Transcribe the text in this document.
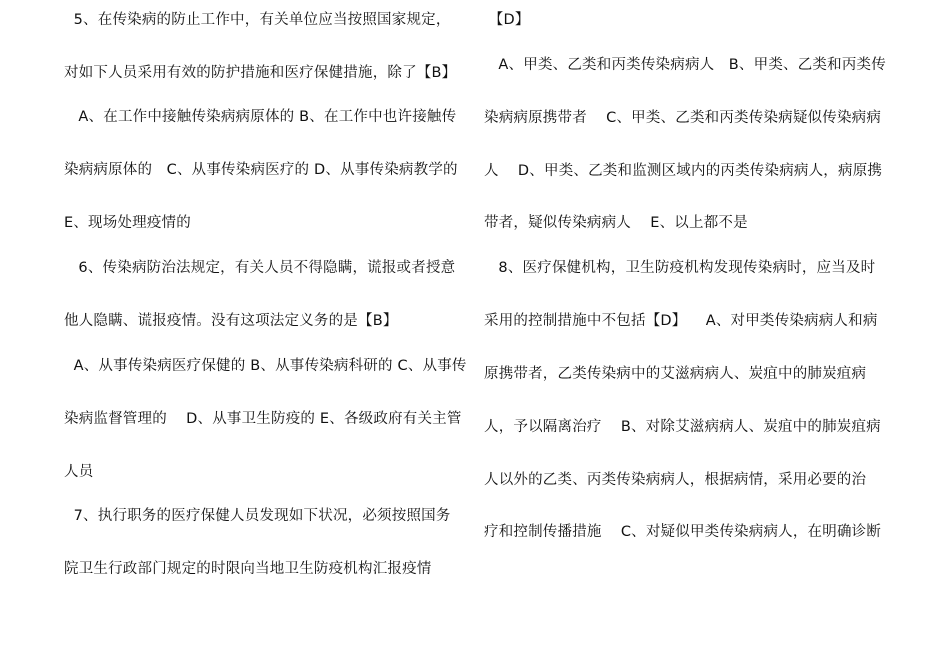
5、在传染病的防止工作中，有关单位应当按照国家规定，
对如下人员采用有效的防护措施和医疗保健措施，除了【B】
A、在工作中接触传染病病原体的 B、在工作中也许接触传
染病病原体的   C、从事传染病医疗的 D、从事传染病教学的
E、现场处理疫情的
6、传染病防治法规定，有关人员不得隐瞒，谎报或者授意
他人隐瞒、谎报疫情。没有这项法定义务的是【B】
A、从事传染病医疗保健的 B、从事传染病科研的 C、从事传
染病监督管理的    D、从事卫生防疫的 E、各级政府有关主管
人员
7、执行职务的医疗保健人员发现如下状况，必须按照国务
院卫生行政部门规定的时限向当地卫生防疫机构汇报疫情
【D】
A、甲类、乙类和丙类传染病病人   B、甲类、乙类和丙类传
染病病原携带者    C、甲类、乙类和丙类传染病疑似传染病病
人    D、甲类、乙类和监测区域内的丙类传染病病人，病原携
带者，疑似传染病病人    E、以上都不是
8、医疗保健机构，卫生防疫机构发现传染病时，应当及时
采用的控制措施中不包括【D】    A、对甲类传染病病人和病
原携带者，乙类传染病中的艾滋病病人、炭疽中的肺炭疽病
人，予以隔离治疗    B、对除艾滋病病人、炭疽中的肺炭疽病
人以外的乙类、丙类传染病病人，根据病情，采用必要的治
疗和控制传播措施    C、对疑似甲类传染病病人，在明确诊断
